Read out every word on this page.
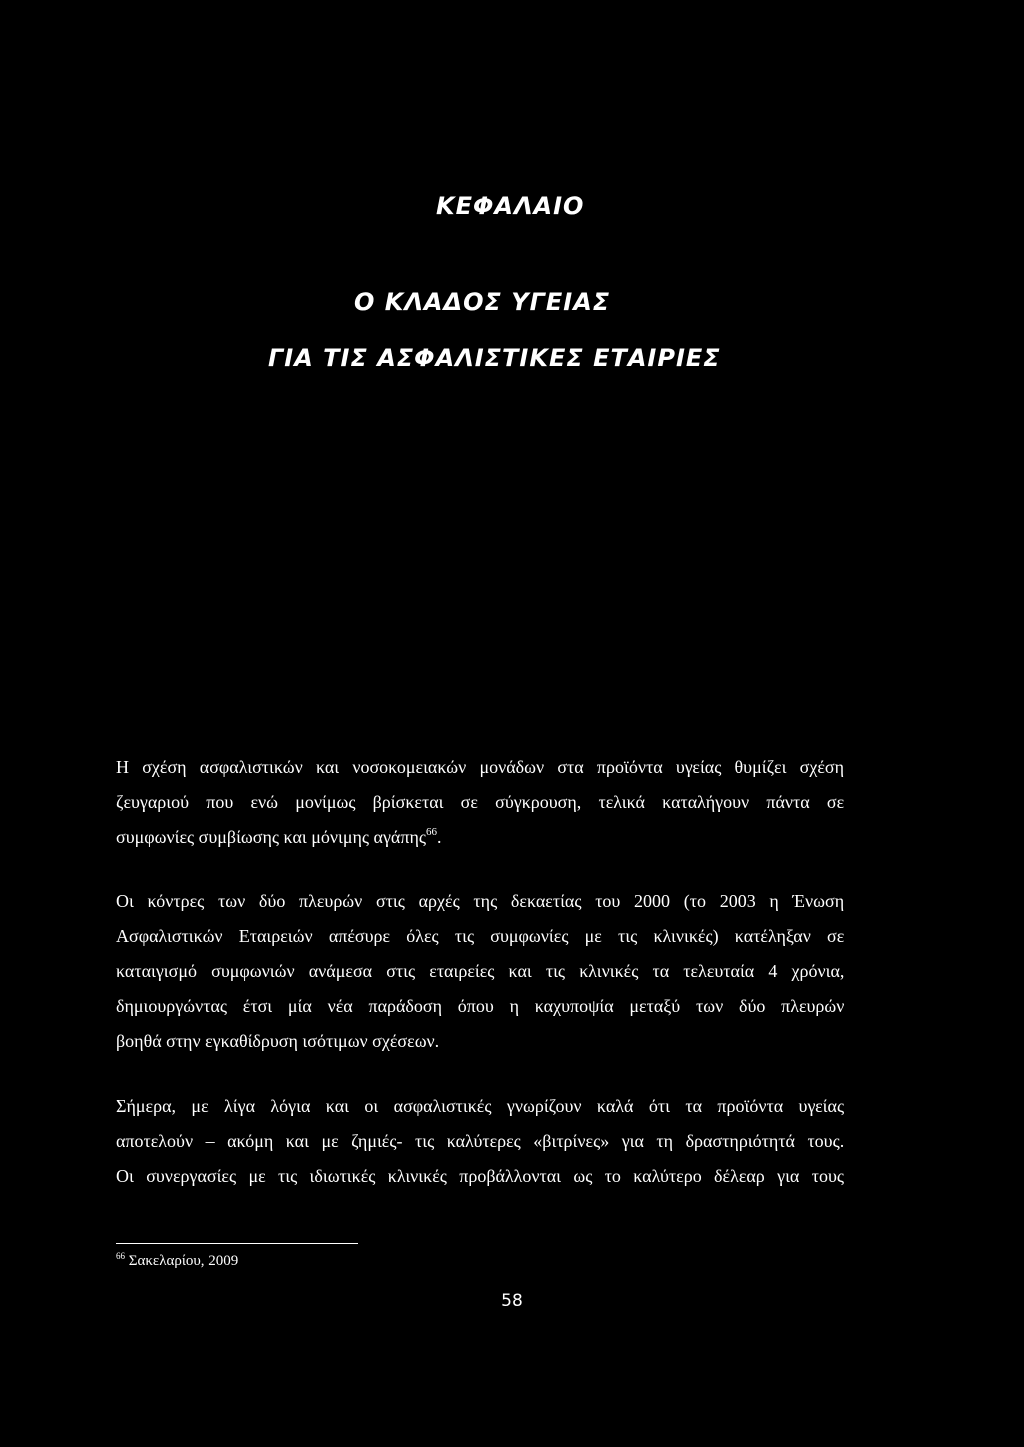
ΚΕΦΑΛΑΙΟ
Ο ΚΛΑΔΟΣ ΥΓΕΙΑΣ
ΓΙΑ ΤΙΣ ΑΣΦΑΛΙΣΤΙΚΕΣ ΕΤΑΙΡΙΕΣ
Η σχέση ασφαλιστικών και νοσοκομειακών μονάδων στα προϊόντα υγείας θυμίζει σχέση
ζευγαριού που ενώ μονίμως βρίσκεται σε σύγκρουση, τελικά καταλήγουν πάντα σε
συμφωνίες συμβίωσης και μόνιμης αγάπης$^{66}$.
Οι κόντρες των δύο πλευρών στις αρχές της δεκαετίας του 2000 (το 2003 η Ένωση
Ασφαλιστικών Εταιρειών απέσυρε όλες τις συμφωνίες με τις κλινικές) κατέληξαν σε
καταιγισμό συμφωνιών ανάμεσα στις εταιρείες και τις κλινικές τα τελευταία 4 χρόνια,
δημιουργώντας έτσι μία νέα παράδοση όπου η καχυποψία μεταξύ των δύο πλευρών
βοηθά στην εγκαθίδρυση ισότιμων σχέσεων.
Σήμερα, με λίγα λόγια και οι ασφαλιστικές γνωρίζουν καλά ότι τα προϊόντα υγείας
αποτελούν – ακόμη και με ζημιές- τις καλύτερες «βιτρίνες» για τη δραστηριότητά τους.
Οι συνεργασίες με τις ιδιωτικές κλινικές προβάλλονται ως το καλύτερο δέλεαρ για τους
$^{66}$ Σακελαρίου, 2009
58
